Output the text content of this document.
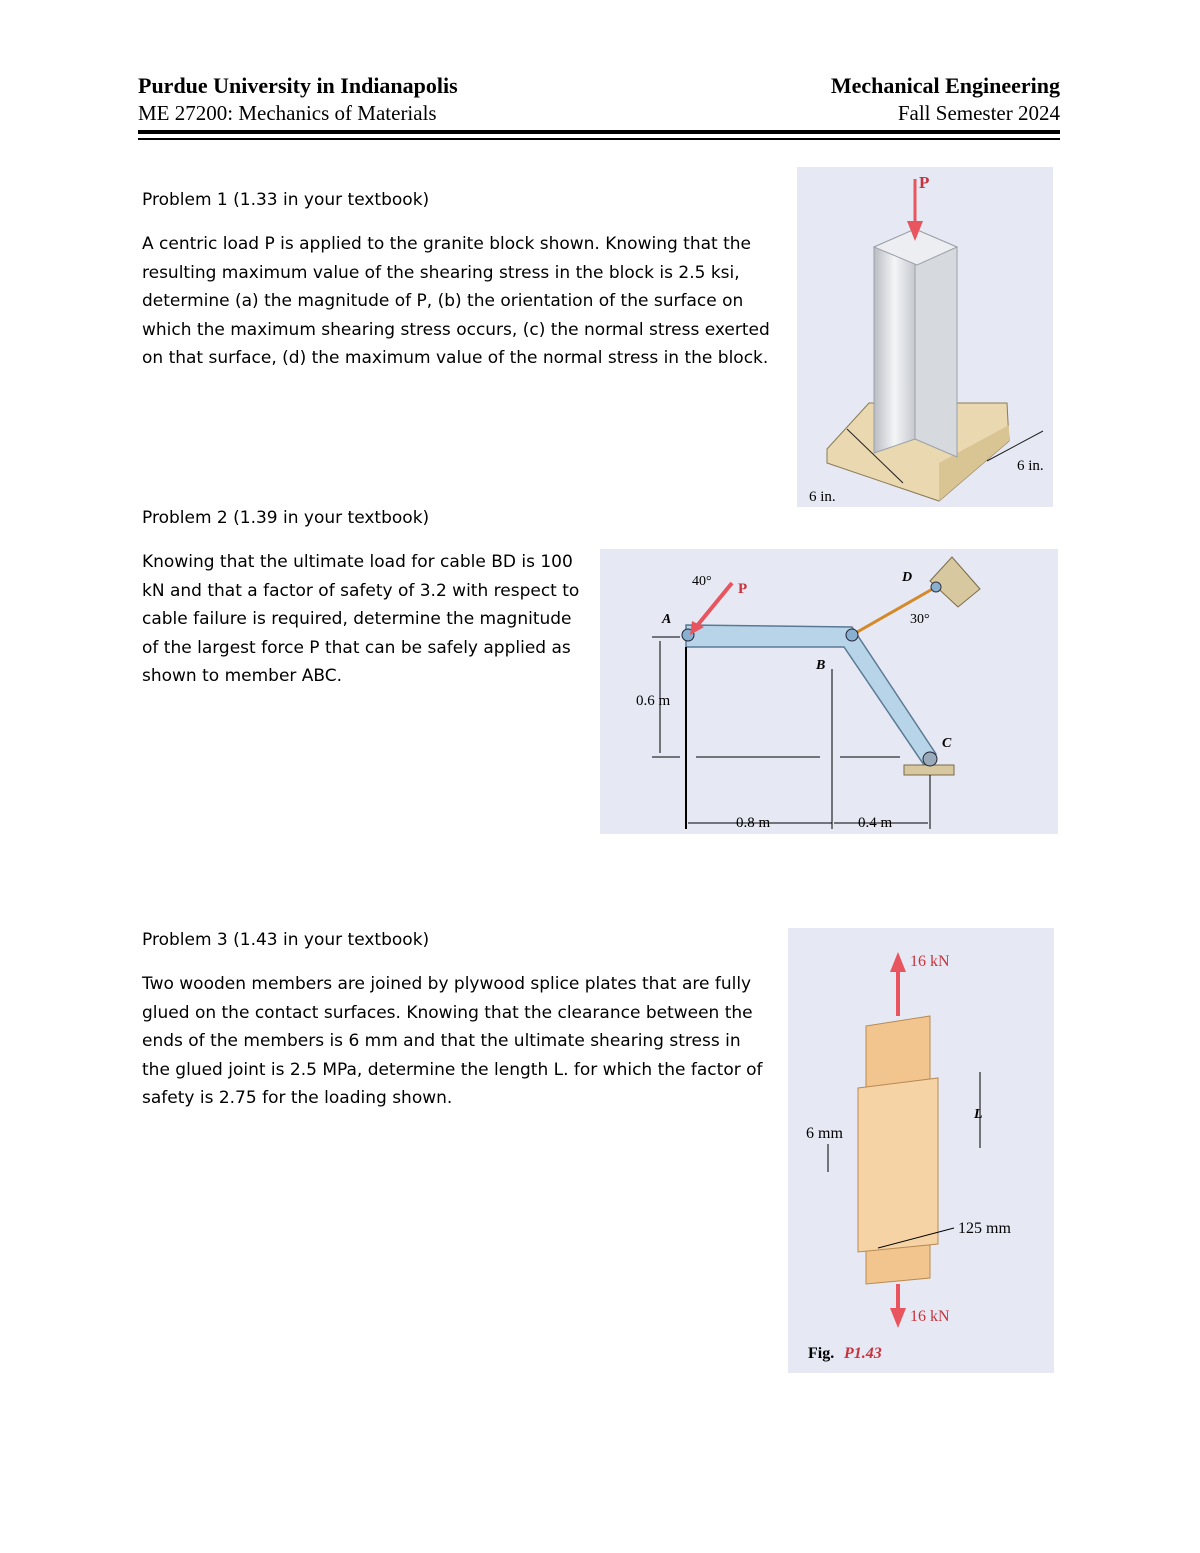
Purdue University in Indianapolis
ME 27200: Mechanics of Materials
Mechanical Engineering
Fall Semester 2024
Problem 1 (1.33 in your textbook)
A centric load P is applied to the granite block shown. Knowing that the resulting maximum value of the shearing stress in the block is 2.5 ksi, determine (a) the magnitude of P, (b) the orientation of the surface on which the maximum shearing stress occurs, (c) the normal stress exerted on that surface, (d) the maximum value of the normal stress in the block.
P
6 in.
6 in.
Problem 2 (1.39 in your textbook)
Knowing that the ultimate load for cable BD is 100 kN and that a factor of safety of 3.2 with respect to cable failure is required, determine the magnitude of the largest force P that can be safely applied as shown to member ABC.
40° P
A
B
C
D
30°
0.6 m
0.8 m	0.4 m
Problem 3 (1.43 in your textbook)
Two wooden members are joined by plywood splice plates that are fully glued on the contact surfaces. Knowing that the clearance between the ends of the members is 6 mm and that the ultimate shearing stress in the glued joint is 2.5 MPa, determine the length L. for which the factor of safety is 2.75 for the loading shown.
16 kN
16 kN
L
6 mm
125 mm
Fig. P1.43
